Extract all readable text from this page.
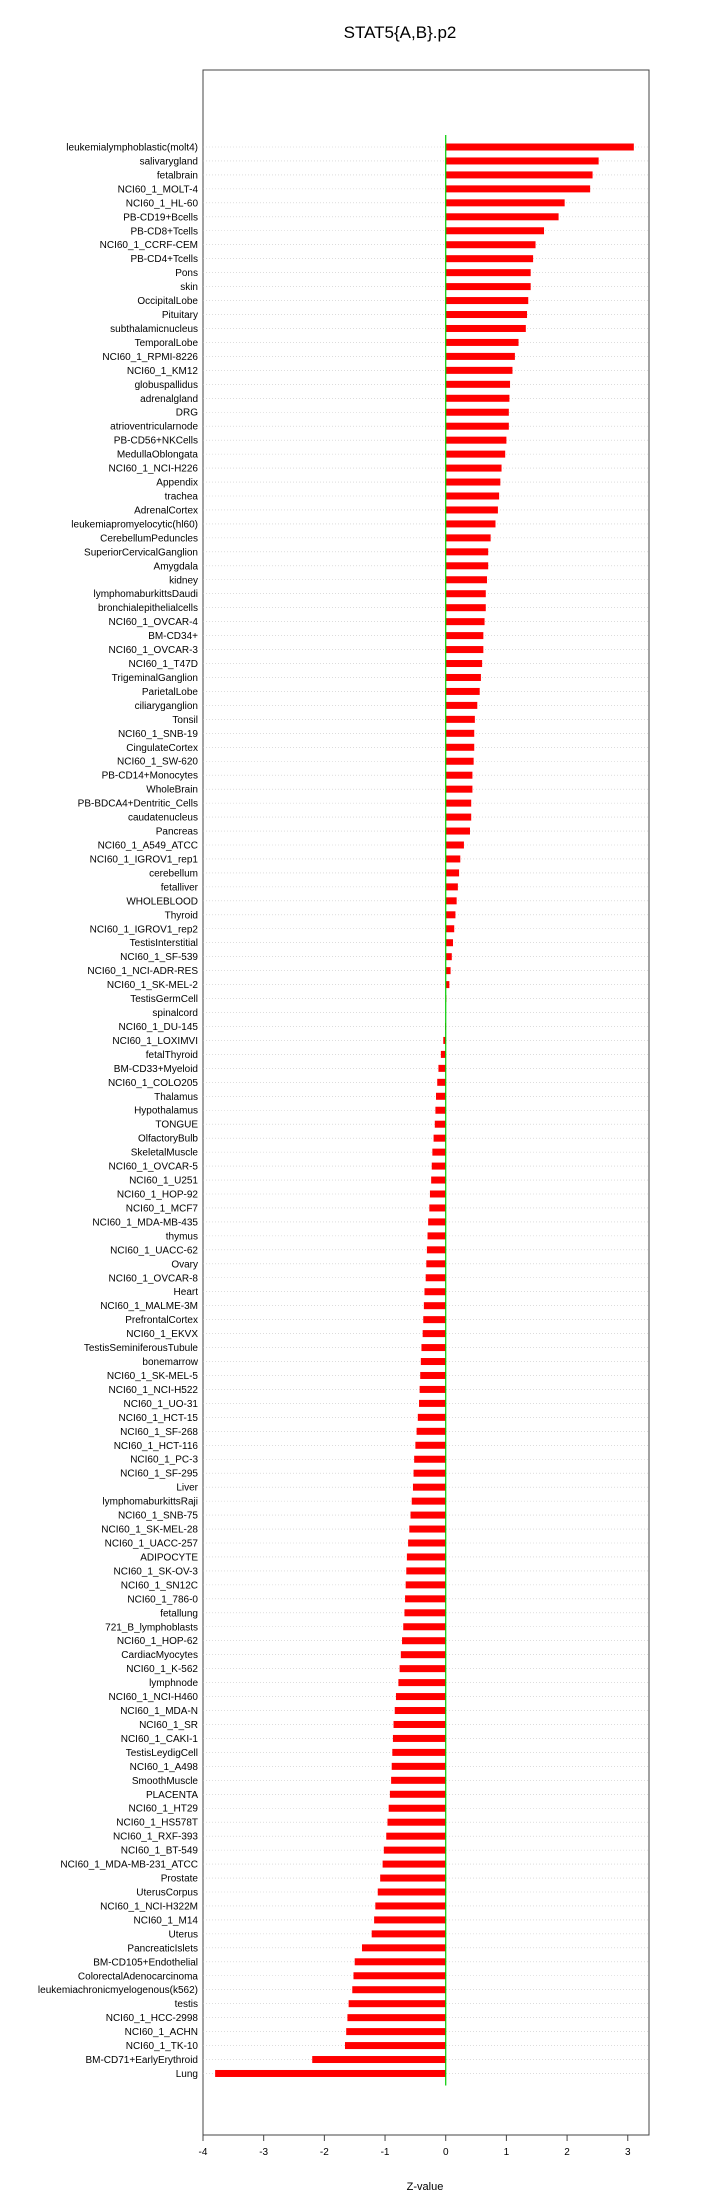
STAT5{A,B}.p2
leukemialymphoblastic(molt4)
salivarygland
fetalbrain
NCI60_1_MOLT-4
NCI60_1_HL-60
PB-CD19+Bcells
PB-CD8+Tcells
NCI60_1_CCRF-CEM
PB-CD4+Tcells
Pons
skin
OccipitalLobe
Pituitary
subthalamicnucleus
TemporalLobe
NCI60_1_RPMI-8226
NCI60_1_KM12
globuspallidus
adrenalgland
DRG
atrioventricularnode
PB-CD56+NKCells
MedullaOblongata
NCI60_1_NCI-H226
Appendix
trachea
AdrenalCortex
leukemiapromyelocytic(hl60)
CerebellumPeduncles
SuperiorCervicalGanglion
Amygdala
kidney
lymphomaburkittsDaudi
bronchialepithelialcells
NCI60_1_OVCAR-4
BM-CD34+
NCI60_1_OVCAR-3
NCI60_1_T47D
TrigeminalGanglion
ParietalLobe
ciliaryganglion
Tonsil
NCI60_1_SNB-19
CingulateCortex
NCI60_1_SW-620
PB-CD14+Monocytes
WholeBrain
PB-BDCA4+Dentritic_Cells
caudatenucleus
Pancreas
NCI60_1_A549_ATCC
NCI60_1_IGROV1_rep1
cerebellum
fetalliver
WHOLEBLOOD
Thyroid
NCI60_1_IGROV1_rep2
TestisInterstitial
NCI60_1_SF-539
NCI60_1_NCI-ADR-RES
NCI60_1_SK-MEL-2
TestisGermCell
spinalcord
NCI60_1_DU-145
NCI60_1_LOXIMVI
fetalThyroid
BM-CD33+Myeloid
NCI60_1_COLO205
Thalamus
Hypothalamus
TONGUE
OlfactoryBulb
SkeletalMuscle
NCI60_1_OVCAR-5
NCI60_1_U251
NCI60_1_HOP-92
NCI60_1_MCF7
NCI60_1_MDA-MB-435
thymus
NCI60_1_UACC-62
Ovary
NCI60_1_OVCAR-8
Heart
NCI60_1_MALME-3M
PrefrontalCortex
NCI60_1_EKVX
TestisSeminiferousTubule
bonemarrow
NCI60_1_SK-MEL-5
NCI60_1_NCI-H522
NCI60_1_UO-31
NCI60_1_HCT-15
NCI60_1_SF-268
NCI60_1_HCT-116
NCI60_1_PC-3
NCI60_1_SF-295
Liver
lymphomaburkittsRaji
NCI60_1_SNB-75
NCI60_1_SK-MEL-28
NCI60_1_UACC-257
ADIPOCYTE
NCI60_1_SK-OV-3
NCI60_1_SN12C
NCI60_1_786-0
fetallung
721_B_lymphoblasts
NCI60_1_HOP-62
CardiacMyocytes
NCI60_1_K-562
lymphnode
NCI60_1_NCI-H460
NCI60_1_MDA-N
NCI60_1_SR
NCI60_1_CAKI-1
TestisLeydigCell
NCI60_1_A498
SmoothMuscle
PLACENTA
NCI60_1_HT29
NCI60_1_HS578T
NCI60_1_RXF-393
NCI60_1_BT-549
NCI60_1_MDA-MB-231_ATCC
Prostate
UterusCorpus
NCI60_1_NCI-H322M
NCI60_1_M14
Uterus
PancreaticIslets
BM-CD105+Endothelial
ColorectalAdenocarcinoma
leukemiachronicmyelogenous(k562)
testis
NCI60_1_HCC-2998
NCI60_1_ACHN
NCI60_1_TK-10
BM-CD71+EarlyErythroid
Lung
-4	-3	-2	-1	0	1	2	3
Z-value
